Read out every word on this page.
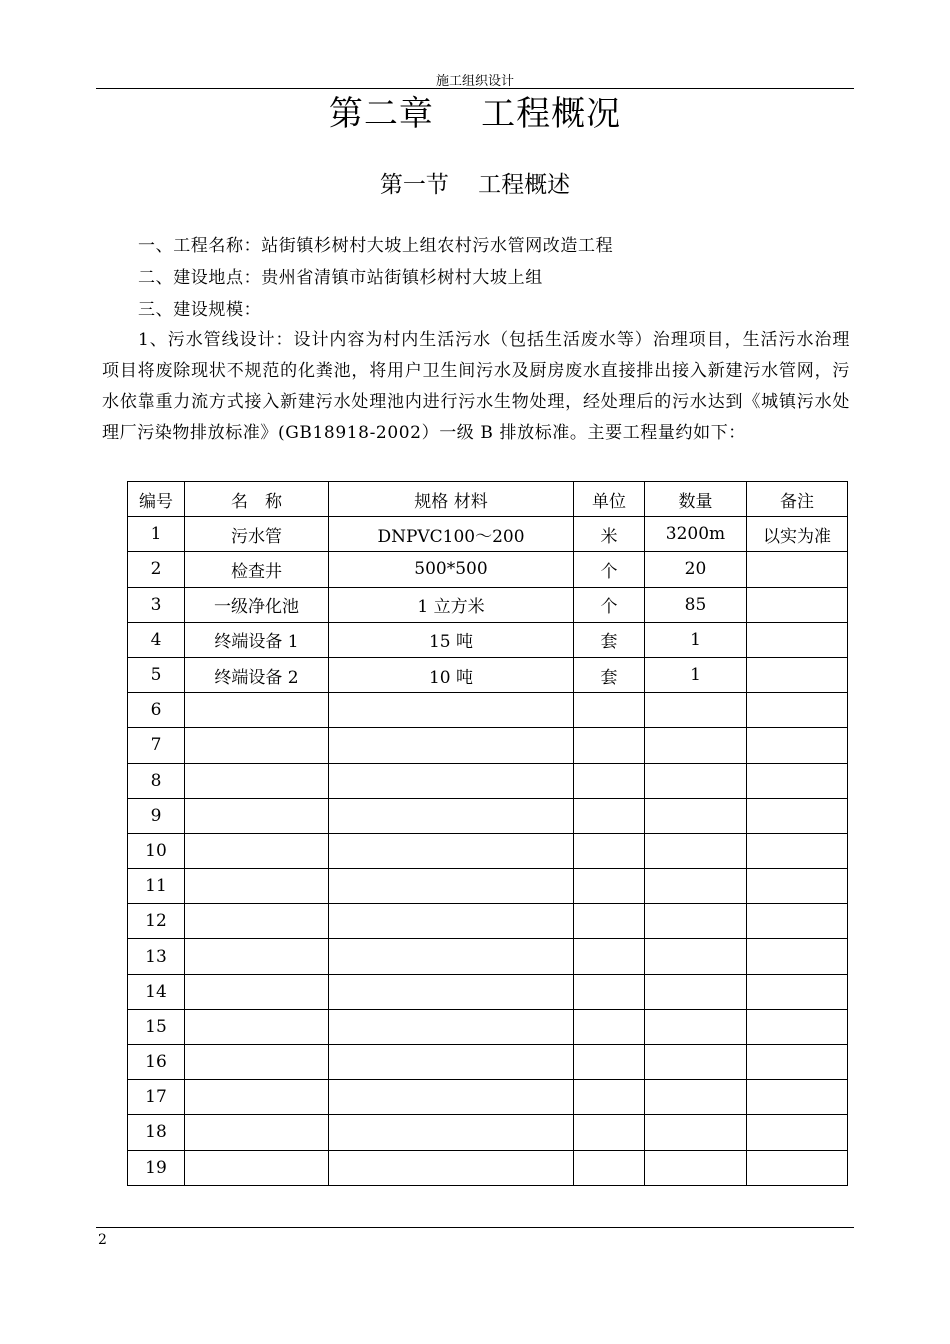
施工组织设计
第二章    工程概况
第一节    工程概述
一、工程名称：站街镇杉树村大坡上组农村污水管网改造工程
二、建设地点：贵州省清镇市站街镇杉树村大坡上组
三、建设规模：
1、污水管线设计：设计内容为村内生活污水（包括生活废水等）治理项目，生活污水治理项目将废除现状不规范的化粪池，将用户卫生间污水及厨房废水直接排出接入新建污水管网，污水依靠重力流方式接入新建污水处理池内进行污水生物处理，经处理后的污水达到《城镇污水处理厂污染物排放标准》(GB18918-2002）一级 B 排放标准。主要工程量约如下：
编号	名　称	规格 材料	单位	数量	备注
1	污水管	DNPVC100～200	米	3200m	以实为准
2	检查井	500*500	个	20	
3	一级净化池	1 立方米	个	85	
4	终端设备 1	15 吨	套	1	
5	终端设备 2	10 吨	套	1	
6					
7					
8					
9					
10					
11					
12					
13					
14					
15					
16					
17					
18					
19					
2
